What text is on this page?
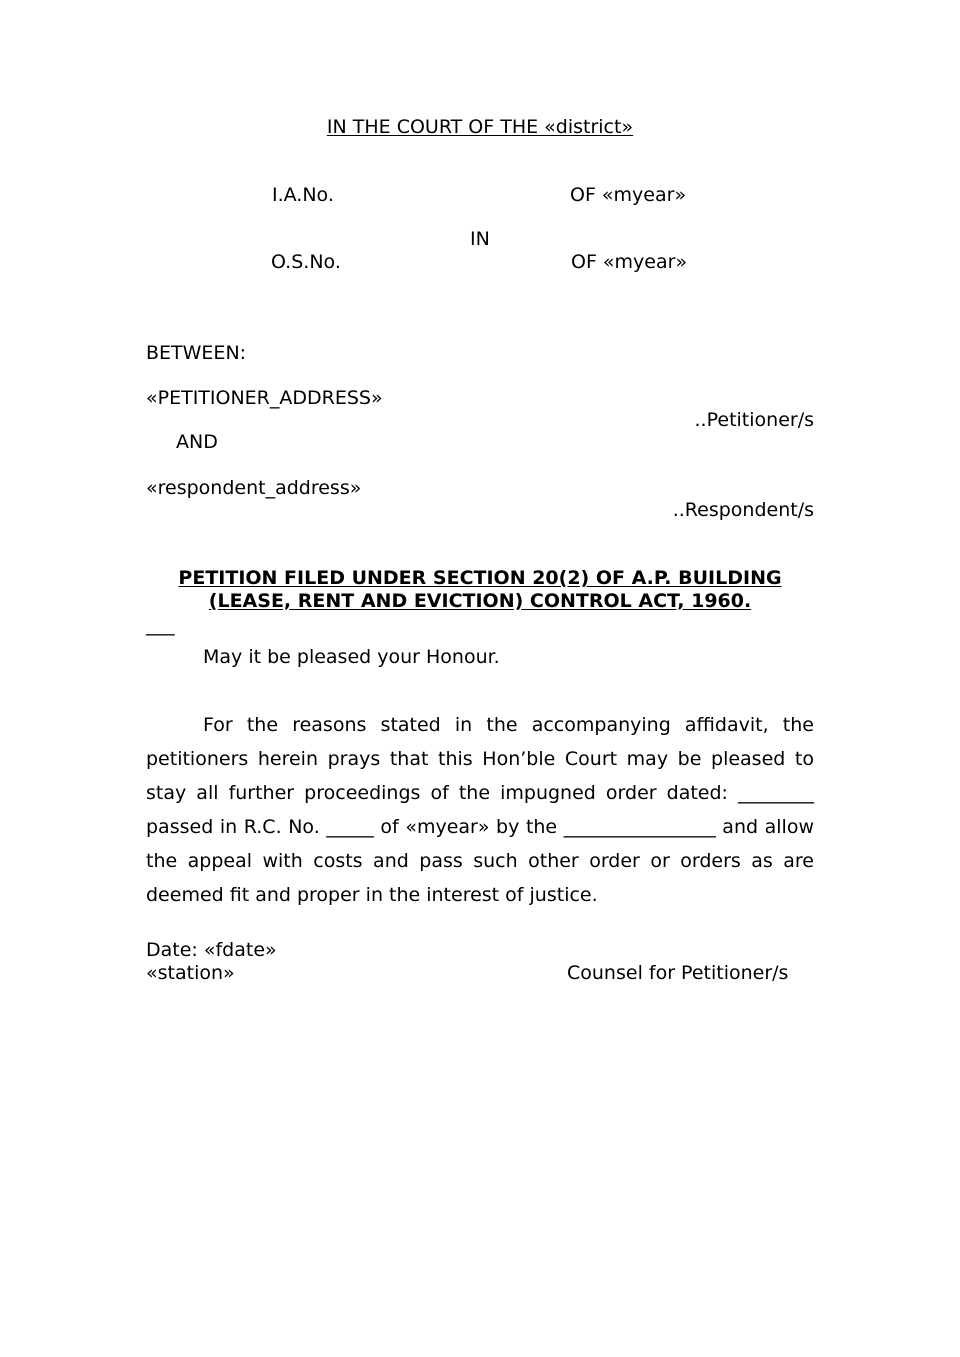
IN THE COURT OF THE «district»
I.A.No.	OF «myear»
IN
O.S.No.	OF «myear»
BETWEEN:
«PETITIONER_ADDRESS»
..Petitioner/s
AND
«respondent_address»
..Respondent/s
PETITION FILED UNDER SECTION 20(2) OF A.P. BUILDING
(LEASE, RENT AND EVICTION) CONTROL ACT, 1960.
___
May it be pleased your Honour.
For the reasons stated in the accompanying affidavit, the petitioners herein prays that this Hon’ble Court may be pleased to stay all further proceedings of the impugned order dated: ________ passed in R.C. No. _____ of «myear» by the ________________ and allow the appeal with costs and pass such other order or orders as are deemed fit and proper in the interest of justice.
Date: «fdate»
«station»	Counsel for Petitioner/s
